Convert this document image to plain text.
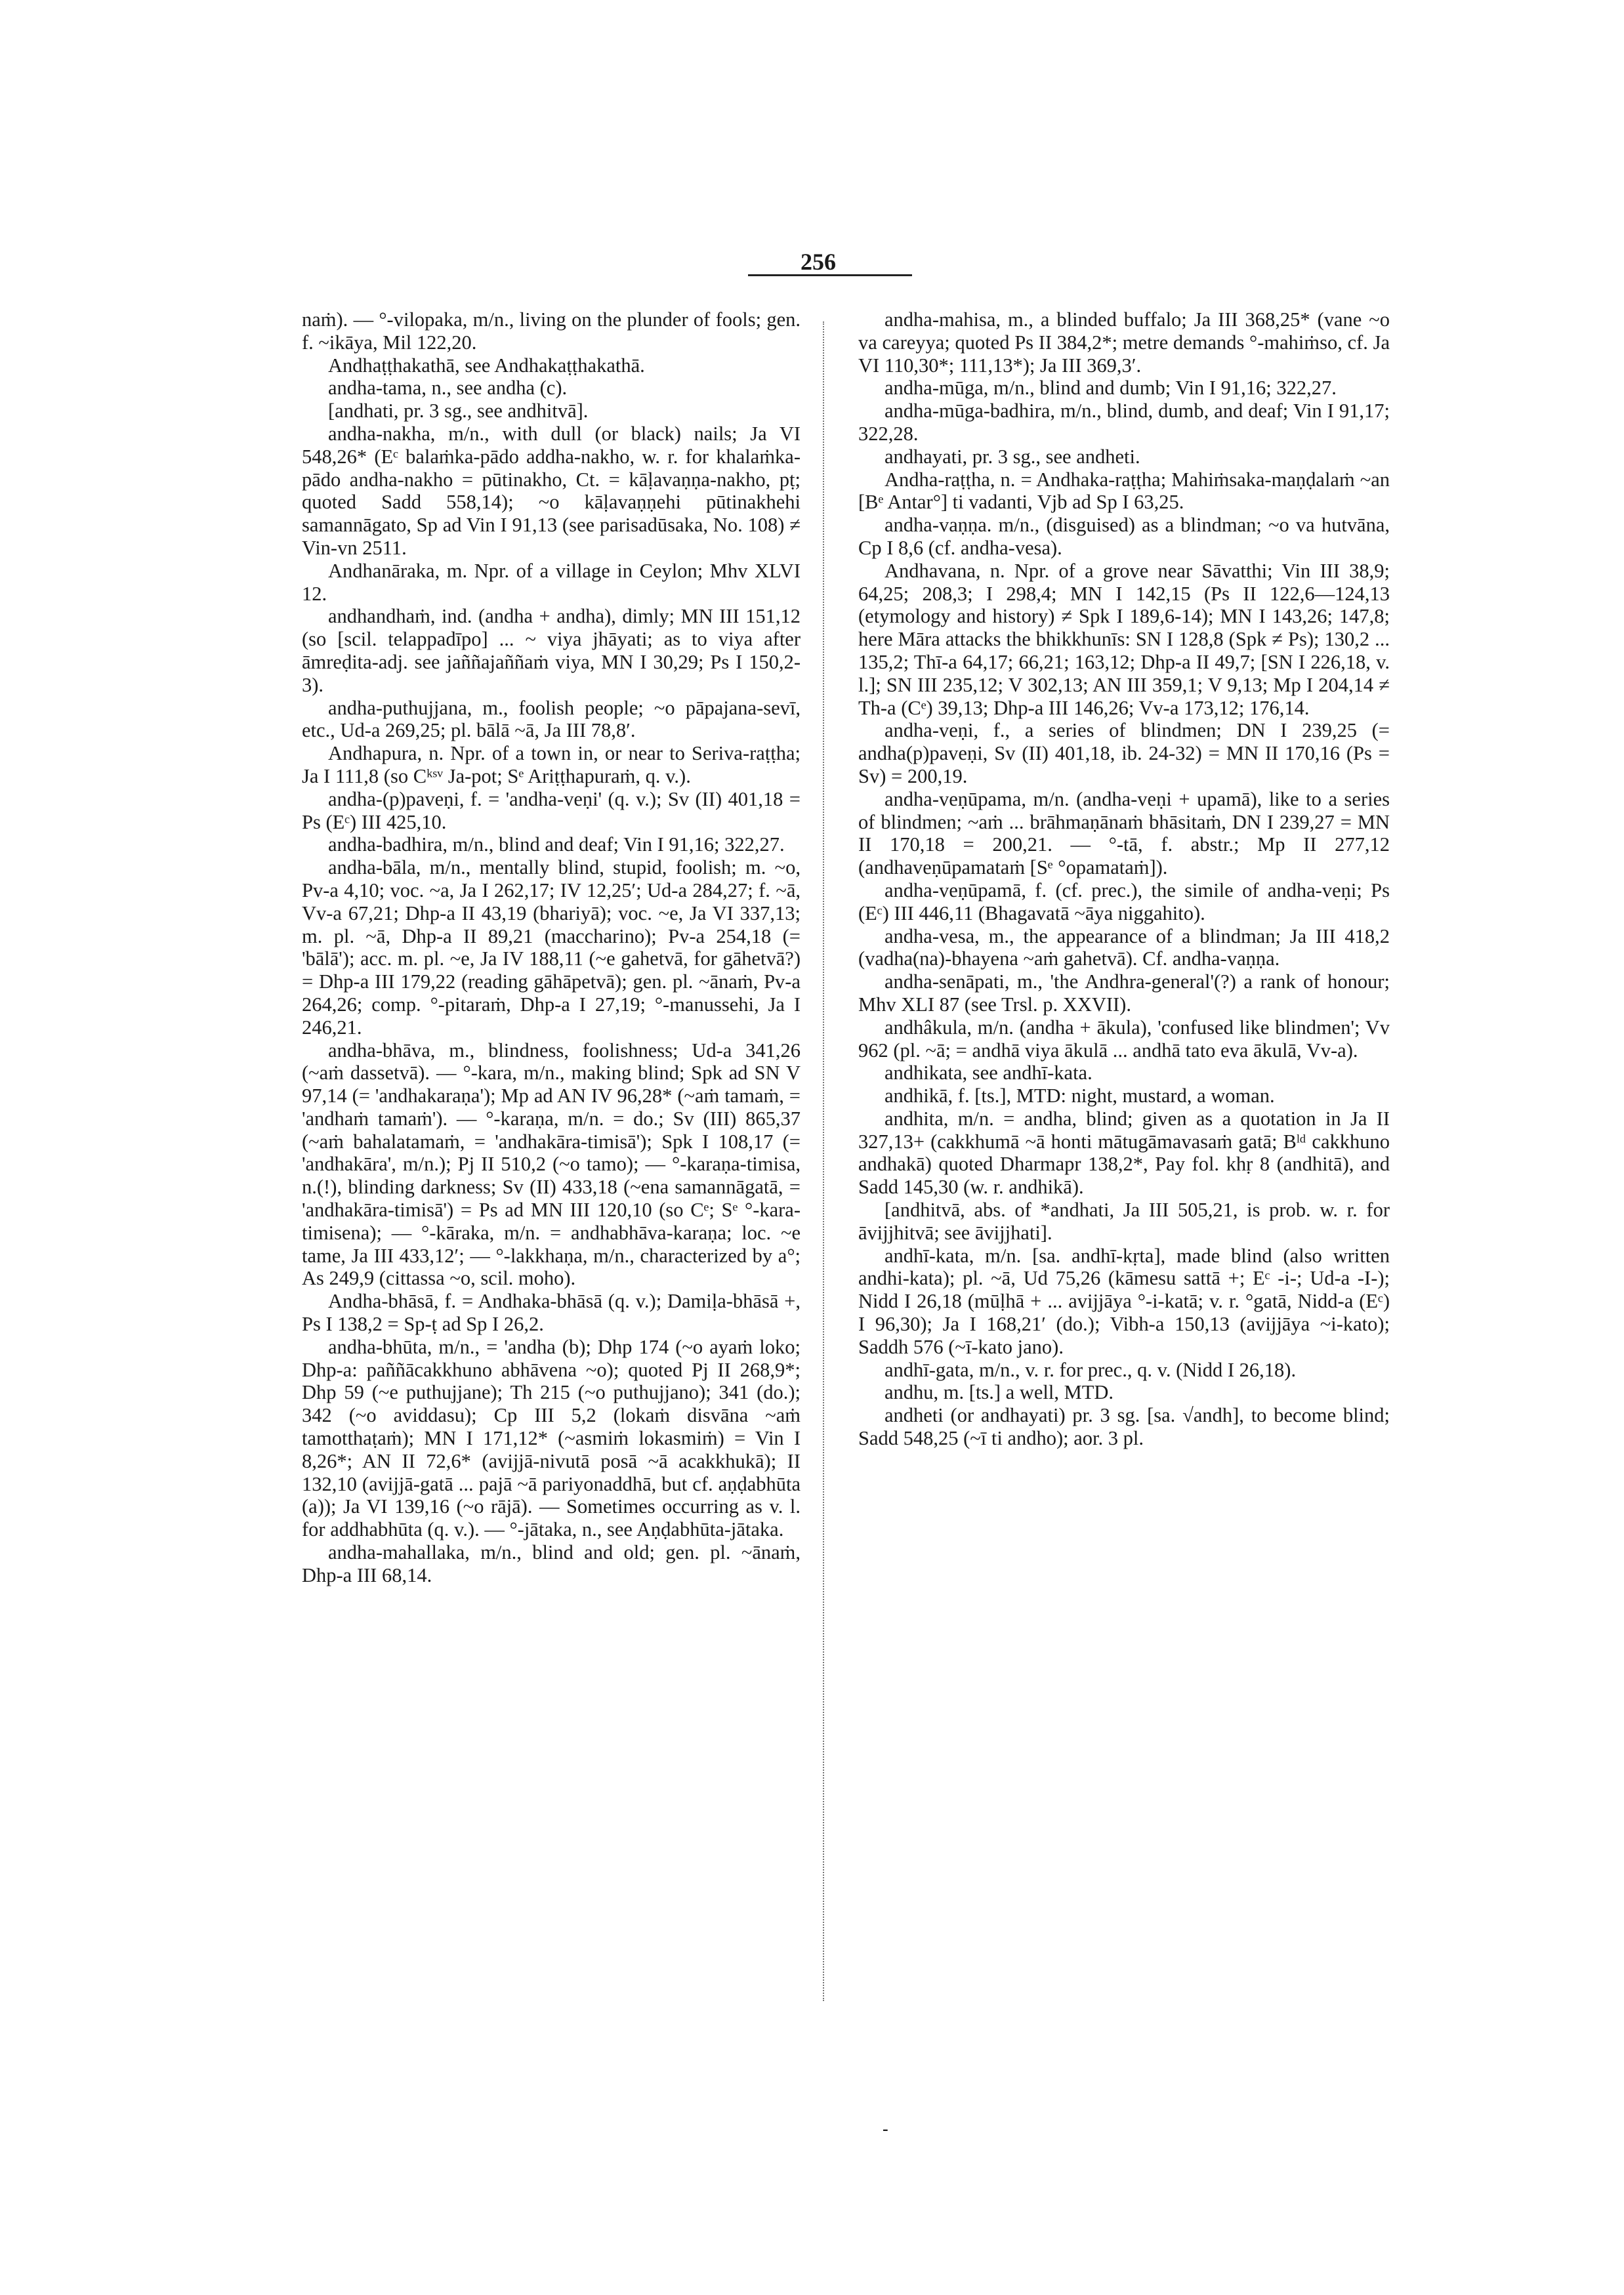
256

naṁ). — °-vilopaka, m/n., living on the plunder of fools; gen. f. ~ikāya, Mil 122,20.

Andhaṭṭhakathā, see Andhakaṭṭhakathā.

andha-tama, n., see andha (c).

[andhati, pr. 3 sg., see andhitvā].

andha-nakha, m/n., with dull (or black) nails; Ja VI 548,26* (Eᶜ balaṁka-pādo addha-nakho, w. r. for khalaṁka-pādo andha-nakho = pūtinakho, Ct. = kāḷavaṇṇa-nakho, pṭ; quoted Sadd 558,14); ~o kāḷavaṇṇehi pūtinakhehi samannāgato, Sp ad Vin I 91,13 (see parisadūsaka, No. 108) ≠ Vin-vn 2511.

Andhanāraka, m. Npr. of a village in Ceylon; Mhv XLVI 12.

andhandhaṁ, ind. (andha + andha), dimly; MN III 151,12 (so [scil. telappadīpo] ... ~ viya jhāyati; as to viya after āmreḍita-adj. see jaññajaññaṁ viya, MN I 30,29; Ps I 150,2-3).

andha-puthujjana, m., foolish people; ~o pāpajana-sevī, etc., Ud-a 269,25; pl. bālā ~ā, Ja III 78,8′.

Andhapura, n. Npr. of a town in, or near to Seriva-raṭṭha; Ja I 111,8 (so Cᵏˢᵛ Ja-pot; Sᵉ Ariṭṭhapuraṁ, q. v.).

andha-(p)paveṇi, f. = 'andha-veṇi' (q. v.); Sv (II) 401,18 = Ps (Eᶜ) III 425,10.

andha-badhira, m/n., blind and deaf; Vin I 91,16; 322,27.

andha-bāla, m/n., mentally blind, stupid, foolish; m. ~o, Pv-a 4,10; voc. ~a, Ja I 262,17; IV 12,25′; Ud-a 284,27; f. ~ā, Vv-a 67,21; Dhp-a II 43,19 (bhariyā); voc. ~e, Ja VI 337,13; m. pl. ~ā, Dhp-a II 89,21 (maccharino); Pv-a 254,18 (= 'bālā'); acc. m. pl. ~e, Ja IV 188,11 (~e gahetvā, for gāhetvā?) = Dhp-a III 179,22 (reading gāhāpetvā); gen. pl. ~ānaṁ, Pv-a 264,26; comp. °-pitaraṁ, Dhp-a I 27,19; °-manussehi, Ja I 246,21.

andha-bhāva, m., blindness, foolishness; Ud-a 341,26 (~aṁ dassetvā). — °-kara, m/n., making blind; Spk ad SN V 97,14 (= 'andhakaraṇa'); Mp ad AN IV 96,28* (~aṁ tamaṁ, = 'andhaṁ tamaṁ'). — °-karaṇa, m/n. = do.; Sv (III) 865,37 (~aṁ bahalatamaṁ, = 'andhakāra-timisā'); Spk I 108,17 (= 'andhakāra', m/n.); Pj II 510,2 (~o tamo); — °-karaṇa-timisa, n.(!), blinding darkness; Sv (II) 433,18 (~ena samannāgatā, = 'andhakāra-timisā') = Ps ad MN III 120,10 (so Cᵉ; Sᵉ °-kara-timisena); — °-kāraka, m/n. = andhabhāva-karaṇa; loc. ~e tame, Ja III 433,12′; — °-lakkhaṇa, m/n., characterized by a°; As 249,9 (cittassa ~o, scil. moho).

Andha-bhāsā, f. = Andhaka-bhāsā (q. v.); Damiḷa-bhāsā +, Ps I 138,2 = Sp-ṭ ad Sp I 26,2.

andha-bhūta, m/n., = 'andha (b); Dhp 174 (~o ayaṁ loko; Dhp-a: paññācakkhuno abhāvena ~o); quoted Pj II 268,9*; Dhp 59 (~e puthujjane); Th 215 (~o puthujjano); 341 (do.); 342 (~o aviddasu); Cp III 5,2 (lokaṁ disvāna ~aṁ tamotthaṭaṁ); MN I 171,12* (~asmiṁ lokasmiṁ) = Vin I 8,26*; AN II 72,6* (avijjā-nivutā posā ~ā acakkhukā); II 132,10 (avijjā-gatā ... pajā ~ā pariyonaddhā, but cf. aṇḍabhūta (a)); Ja VI 139,16 (~o rājā). — Sometimes occurring as v. l. for addhabhūta (q. v.). — °-jātaka, n., see Aṇḍabhūta-jātaka.

andha-mahallaka, m/n., blind and old; gen. pl. ~ānaṁ, Dhp-a III 68,14.

andha-mahisa, m., a blinded buffalo; Ja III 368,25* (vane ~o va careyya; quoted Ps II 384,2*; metre demands °-mahiṁso, cf. Ja VI 110,30*; 111,13*); Ja III 369,3′.

andha-mūga, m/n., blind and dumb; Vin I 91,16; 322,27.

andha-mūga-badhira, m/n., blind, dumb, and deaf; Vin I 91,17; 322,28.

andhayati, pr. 3 sg., see andheti.

Andha-raṭṭha, n. = Andhaka-raṭṭha; Mahiṁsaka-maṇḍalaṁ ~an [Bᵉ Antar°] ti vadanti, Vjb ad Sp I 63,25.

andha-vaṇṇa. m/n., (disguised) as a blindman; ~o va hutvāna, Cp I 8,6 (cf. andha-vesa).

Andhavana, n. Npr. of a grove near Sāvatthi; Vin III 38,9; 64,25; 208,3; I 298,4; MN I 142,15 (Ps II 122,6—124,13 (etymology and history) ≠ Spk I 189,6-14); MN I 143,26; 147,8; here Māra attacks the bhikkhunīs: SN I 128,8 (Spk ≠ Ps); 130,2 ... 135,2; Thī-a 64,17; 66,21; 163,12; Dhp-a II 49,7; [SN I 226,18, v. l.]; SN III 235,12; V 302,13; AN III 359,1; V 9,13; Mp I 204,14 ≠ Th-a (Cᵉ) 39,13; Dhp-a III 146,26; Vv-a 173,12; 176,14.

andha-veṇi, f., a series of blindmen; DN I 239,25 (= andha(p)paveṇi, Sv (II) 401,18, ib. 24-32) = MN II 170,16 (Ps = Sv) = 200,19.

andha-veṇūpama, m/n. (andha-veṇi + upamā), like to a series of blindmen; ~aṁ ... brāhmaṇānaṁ bhāsitaṁ, DN I 239,27 = MN II 170,18 = 200,21. — °-tā, f. abstr.; Mp II 277,12 (andhaveṇūpamataṁ [Sᵉ °opamataṁ]).

andha-veṇūpamā, f. (cf. prec.), the simile of andha-veṇi; Ps (Eᶜ) III 446,11 (Bhagavatā ~āya niggahito).

andha-vesa, m., the appearance of a blindman; Ja III 418,2 (vadha(na)-bhayena ~aṁ gahetvā). Cf. andha-vaṇṇa.

andha-senāpati, m., 'the Andhra-general'(?) a rank of honour; Mhv XLI 87 (see Trsl. p. XXVII).

andhâkula, m/n. (andha + ākula), 'confused like blindmen'; Vv 962 (pl. ~ā; = andhā viya ākulā ... andhā tato eva ākulā, Vv-a).

andhikata, see andhī-kata.

andhikā, f. [ts.], MTD: night, mustard, a woman.

andhita, m/n. = andha, blind; given as a quotation in Ja II 327,13+ (cakkhumā ~ā honti mātugāmavasaṁ gatā; Bˡᵈ cakkhuno andhakā) quoted Dharmapr 138,2*, Pay fol. khṛ 8 (andhitā), and Sadd 145,30 (w. r. andhikā).

[andhitvā, abs. of *andhati, Ja III 505,21, is prob. w. r. for āvijjhitvā; see āvijjhati].

andhī-kata, m/n. [sa. andhī-kṛta], made blind (also written andhi-kata); pl. ~ā, Ud 75,26 (kāmesu sattā +; Eᶜ -i-; Ud-a -I-); Nidd I 26,18 (mūḷhā + ... avijjāya °-i-katā; v. r. °gatā, Nidd-a (Eᶜ) I 96,30); Ja I 168,21′ (do.); Vibh-a 150,13 (avijjāya ~i-kato); Saddh 576 (~ī-kato jano).

andhī-gata, m/n., v. r. for prec., q. v. (Nidd I 26,18).

andhu, m. [ts.] a well, MTD.

andheti (or andhayati) pr. 3 sg. [sa. √andh], to become blind; Sadd 548,25 (~ī ti andho); aor. 3 pl.

-
